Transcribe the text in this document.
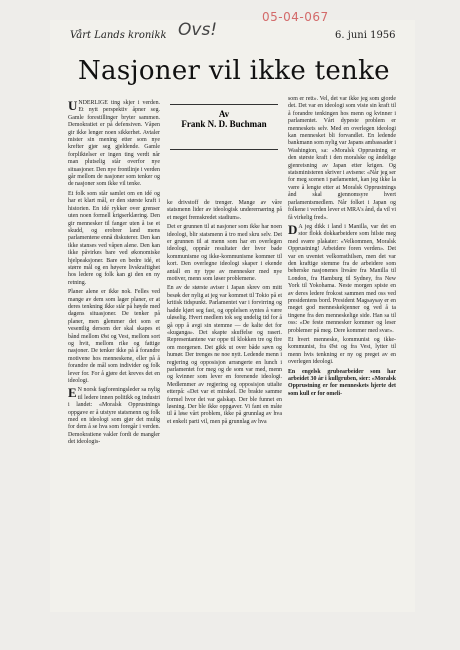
05-04-067
Ovs!
Vårt Lands kronikk	6. juni 1956
Nasjoner vil ikke tenke

UNDERLIGE ting skjer i verden. Et nytt perspektiv åpner seg. Gamle forestillinger bryter sammen. Demokratiet er på defensiven. Våpen gir ikke lenger noen sikkerhet. Avtaler mister sin mening etter som nye krefter gjør seg gjeldende. Gamle forpliktelser er ingen ting verdt når man plutselig står overfor nye situasjoner. Den nye frontlinje i verden går mellom de nasjoner som tenker og de nasjoner som ikke vil tenke.

Et folk som står samlet om en idé og har et klart mål, er den største kraft i historien. En idé rykker over grenser uten noen formell krigserklæring. Den gir mennesker til fanger uten å ise et skudd, og erobrer land mens parlamentene ennå diskuterer. Den kan ikke stanses ved våpen alene. Den kan ikke påvirkes bare ved økonomiske hjelpeaksjoner. Bare en bedre idé, et større mål og en høyere livskraftighet hos ledere og folk kan gi den en ny retning.

Planer alene er ikke nok. Felles ved mange av dem som lager planer, er at deres tenkning ikke står på høyde med dagens situasjoner. De tenker på planer, men glemmer det som er vesentlig dersom der skal skapes et bånd mellom Øst og Vest, mellom sort og hvit, mellom rike og fattige nasjoner. De tenker ikke på å forandre motivene hos menneskene, eller på å forandre de mål som individer og folk lever for. For å gjøre det kreves det en ideologi.

E N norsk fagforeningsleder sa nylig til ledere innen politikk og industri i landet: «Moralsk Opprustnings oppgave er å utstyre statsmenn og folk med en ideologi som gjør det mulig for dem å se hva som foregår i verden. Demokratiene vakler fordi de mangler det ideologis-

Av
Frank N. D. Buchman

ke drivstoff de trenger. Mange av våre statsmenn lider av ideologisk underernæring på et meget fremskredet stadium».

Det er grunnen til at nasjoner som ikke har noen ideologi, blir statsmenn å tro med skru selv. Det er grunnen til at menn som har en overlegen ideologi, oppnår resultater der hvor bade kommunisme og ikke-kommunisme kommer til kort. Den overlegne ideologi skaper i ekende antall en ny type av mennesker med nye motiver, menn som løser problemene.

En av de største aviser i Japan skrev om mitt besøk der nylig at jeg var kommet til Tokio på et kritisk tidspunkt. Parlamentet var i forvirring og hadde kjørt seg fast, og opplelsen syntes å være uløselig. Hvert medlem tok seg undelig tid for å gå opp å avgi sin stemme — de kalte det for «kuganga». Det skapte skuffelse og raseri. Representantene var oppe til klokken tre og fire om morgenen. Det gikk ut over både søvn og humør. Der trenges ne noe nytt. Ledende menn i regjering og opposisjon arrangerte en lunch i parlamentet for meg og de som var med, menn og kvinner som lever en forenende ideologi. Medlemmer av regjering og opposisjon uttalte etterpå: «Det var et mirakel. De brakte samme formel hvor det var galskap. Der ble funnet en løsning. Der ble ikke oppgaver. Vi fant en måte til å løse vårt problem, ikke på grunnlag av hva et enkelt parti vil, men på grunnlag av hva

som er rett». Vel, det var ikke jeg som gjorde det. Det var en ideologi som viste sin kraft til å forandre tenkingen hos menn og kvinner i parlamentet. Vårt dypeste problem er menneskets selv. Med en overlegen ideologi kan mennesket bli forvandlet. En ledende bankmann som nylig var Japans ambassadør i Washington, sa: «Moralsk Opprustning er den største kraft i den moralske og åndelige gjenreisning av Japan etter krigen. Og statsministeren skriver i avisene: «Når jeg ser for meg scenen i parlamentet, kan jeg ikke la være å lengte etter at Moralsk Opprustnings ånd skal gjennomsyre hvert parlamentsmedlem. Når folket i Japan og folkene i verden lever et MRA's ånd, da vil vi få virkelig fred».

D A jeg dikk i land i Manilla, var det en stor flokk dokkarbeidere som hilste meg med svære plakater: «Velkommen, Moralsk Opprustning! Arbeidere foren verden». Det var en uventet velkomsthilsen, men det var den kraftige stemme fra de arbeidere som beherske nasjonenes livsåre fra Manilla til London, fra Hamburg til Sydney, fra New York til Yokohama. Neste morgen spiste en av deres ledere frokost sammen med oss ved presidentens bord. President Magsaysay er en meget god menneskekjenner og ved å ta tingene fra den menneskelige side. Han sa til oss: «De feste mennesker kommer og leser problemer på meg. Dere kommer med svar».

Et hvert menneske, kommunist og ikke-kommunist, fra Øst og fra Vest, lytter til menn hvis tenkning er ny og preget av en overlegen ideologi.

En engelsk grubearbeider som har arbeidet 30 år i kullgruben, sier: «Moralsk Opprustning er for menneskets hjerte det som kull er for omeli-
